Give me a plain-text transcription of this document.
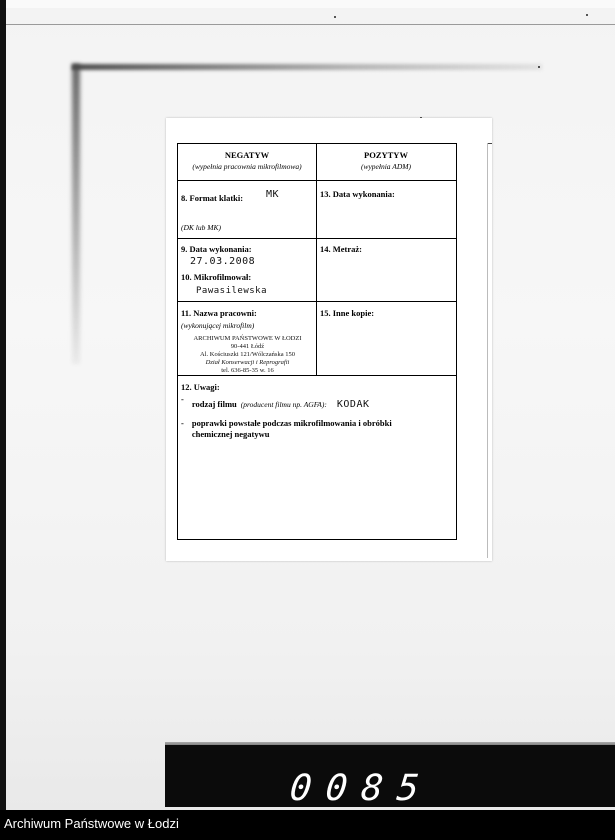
NEGATYW
(wypełnia pracownia mikrofilmowa)
POZYTYW
(wypełnia ADM)
8. Format klatki: MK
(DK lub MK)
13. Data wykonania:
9. Data wykonania:
27.03.2008
10. Mikrofilmował:
Pawasilewska
14. Metraż:
11. Nazwa pracowni:
(wykonującej mikrofilm)
ARCHIWUM PAŃSTWOWE W ŁODZI
90-441 Łódź
Al. Kościuszki 121/Wólczańska 150
Dział Konserwacji i Reprografii
tel. 636-85-35 w. 16
15. Inne kopie:
12. Uwagi:
- rodzaj filmu (producent filmu np. AGFA): KODAK
- poprawki powstałe podczas mikrofilmowania i obróbki chemicznej negatywu
0085
Archiwum Państwowe w Łodzi
